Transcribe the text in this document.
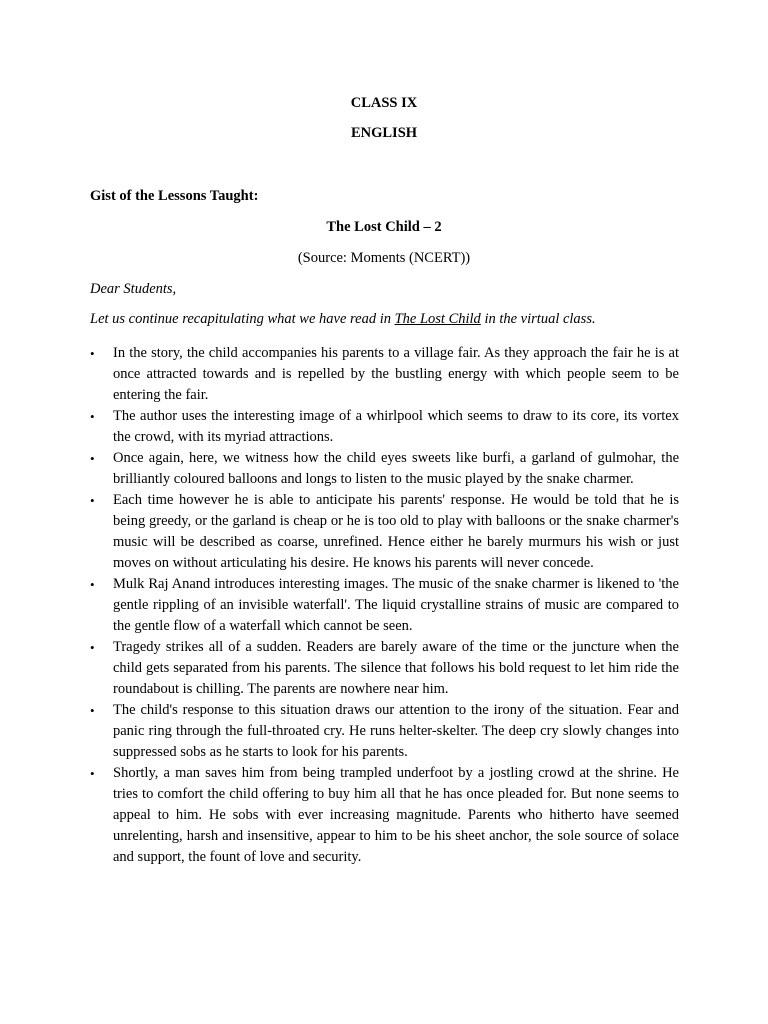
CLASS IX
ENGLISH
Gist of the Lessons Taught:
The Lost Child – 2
(Source: Moments (NCERT))
Dear Students,
Let us continue recapitulating what we have read in The Lost Child in the virtual class.
• In the story, the child accompanies his parents to a village fair. As they approach the fair he is at once attracted towards and is repelled by the bustling energy with which people seem to be entering the fair.
• The author uses the interesting image of a whirlpool which seems to draw to its core, its vortex the crowd, with its myriad attractions.
• Once again, here, we witness how the child eyes sweets like burfi, a garland of gulmohar, the brilliantly coloured balloons and longs to listen to the music played by the snake charmer.
• Each time however he is able to anticipate his parents' response. He would be told that he is being greedy, or the garland is cheap or he is too old to play with balloons or the snake charmer's music will be described as coarse, unrefined. Hence either he barely murmurs his wish or just moves on without articulating his desire. He knows his parents will never concede.
• Mulk Raj Anand introduces interesting images. The music of the snake charmer is likened to 'the gentle rippling of an invisible waterfall'. The liquid crystalline strains of music are compared to the gentle flow of a waterfall which cannot be seen.
• Tragedy strikes all of a sudden. Readers are barely aware of the time or the juncture when the child gets separated from his parents. The silence that follows his bold request to let him ride the roundabout is chilling. The parents are nowhere near him.
• The child's response to this situation draws our attention to the irony of the situation. Fear and panic ring through the full-throated cry. He runs helter-skelter. The deep cry slowly changes into suppressed sobs as he starts to look for his parents.
• Shortly, a man saves him from being trampled underfoot by a jostling crowd at the shrine. He tries to comfort the child offering to buy him all that he has once pleaded for. But none seems to appeal to him. He sobs with ever increasing magnitude. Parents who hitherto have seemed unrelenting, harsh and insensitive, appear to him to be his sheet anchor, the sole source of solace and support, the fount of love and security.
